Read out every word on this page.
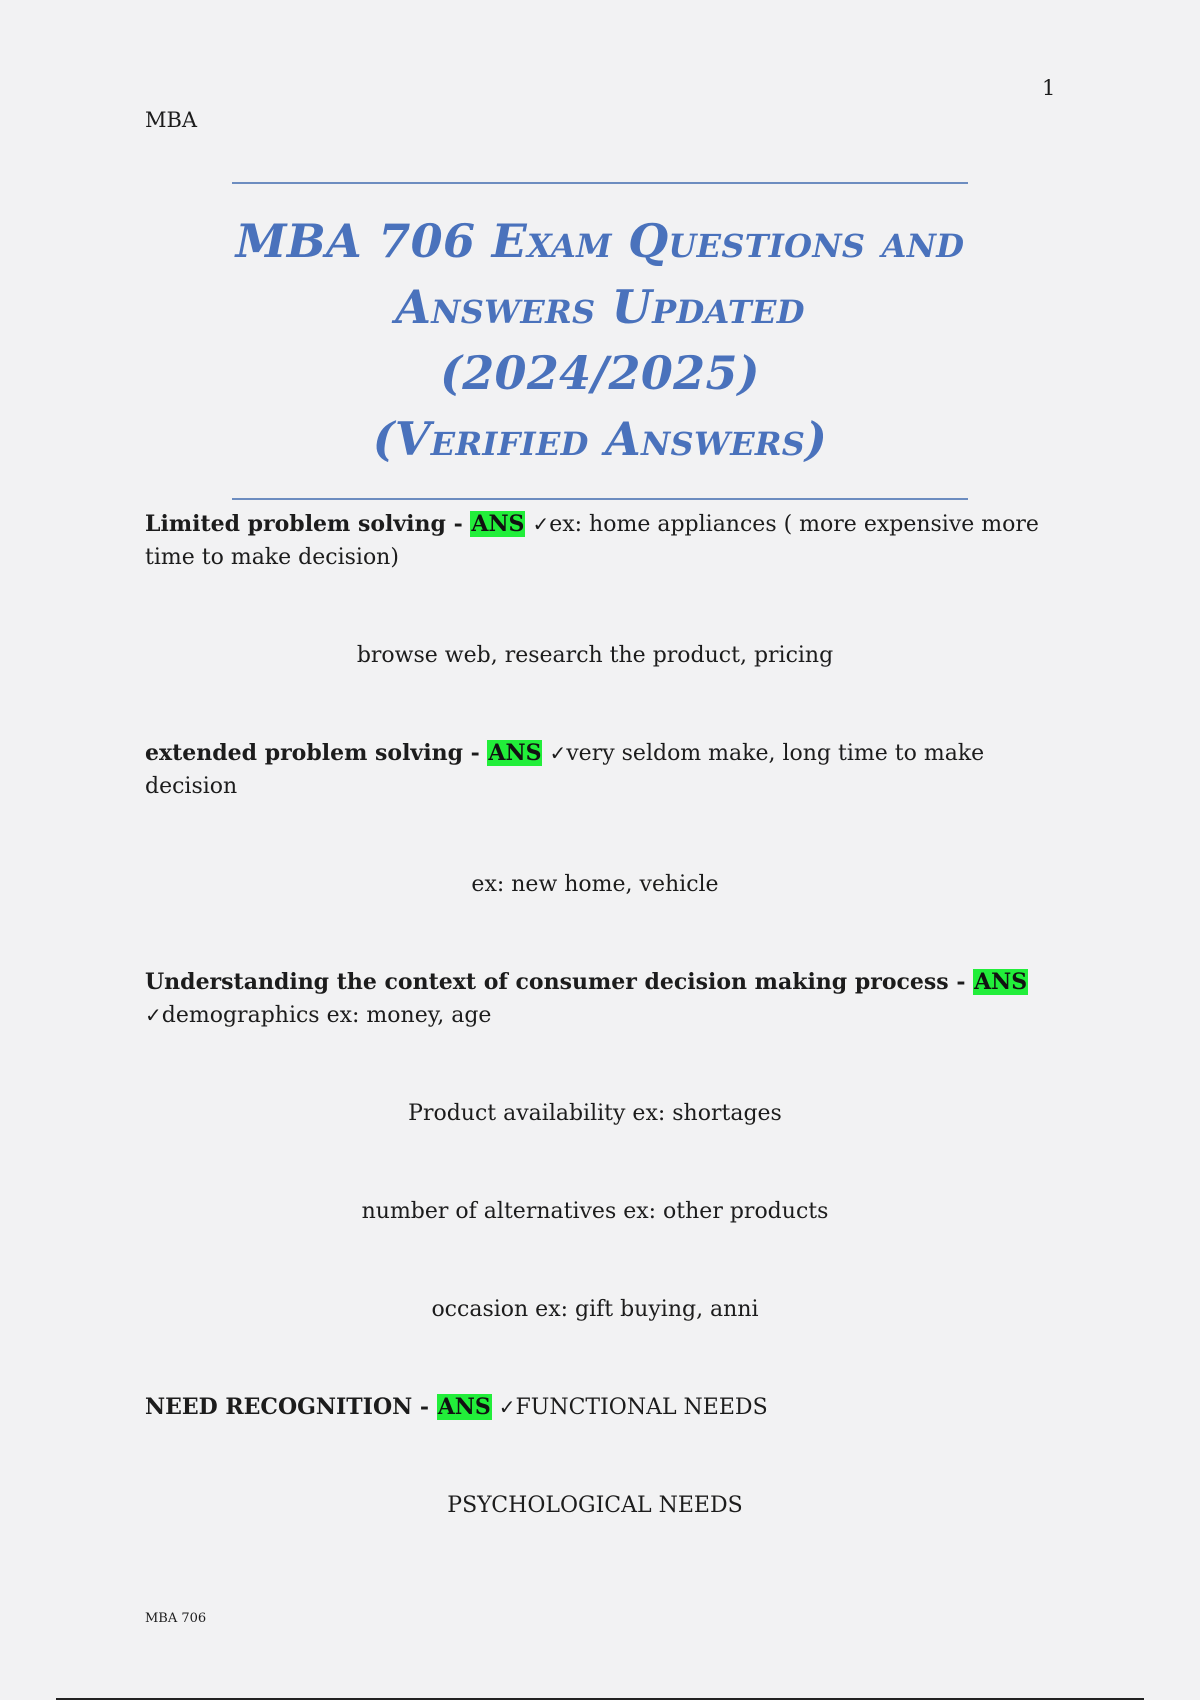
1
MBA
MBA 706 Exam Questions and
Answers Updated (2024/2025)
(Verified Answers)

Limited problem solving - ANS ✓ex: home appliances ( more expensive more time to make decision)

browse web, research the product, pricing

extended problem solving - ANS ✓very seldom make, long time to make decision

ex: new home, vehicle

Understanding the context of consumer decision making process - ANS
✓demographics ex: money, age

Product availability ex: shortages

number of alternatives ex: other products

occasion ex: gift buying, anni

NEED RECOGNITION - ANS ✓FUNCTIONAL NEEDS

PSYCHOLOGICAL NEEDS

MBA 706
